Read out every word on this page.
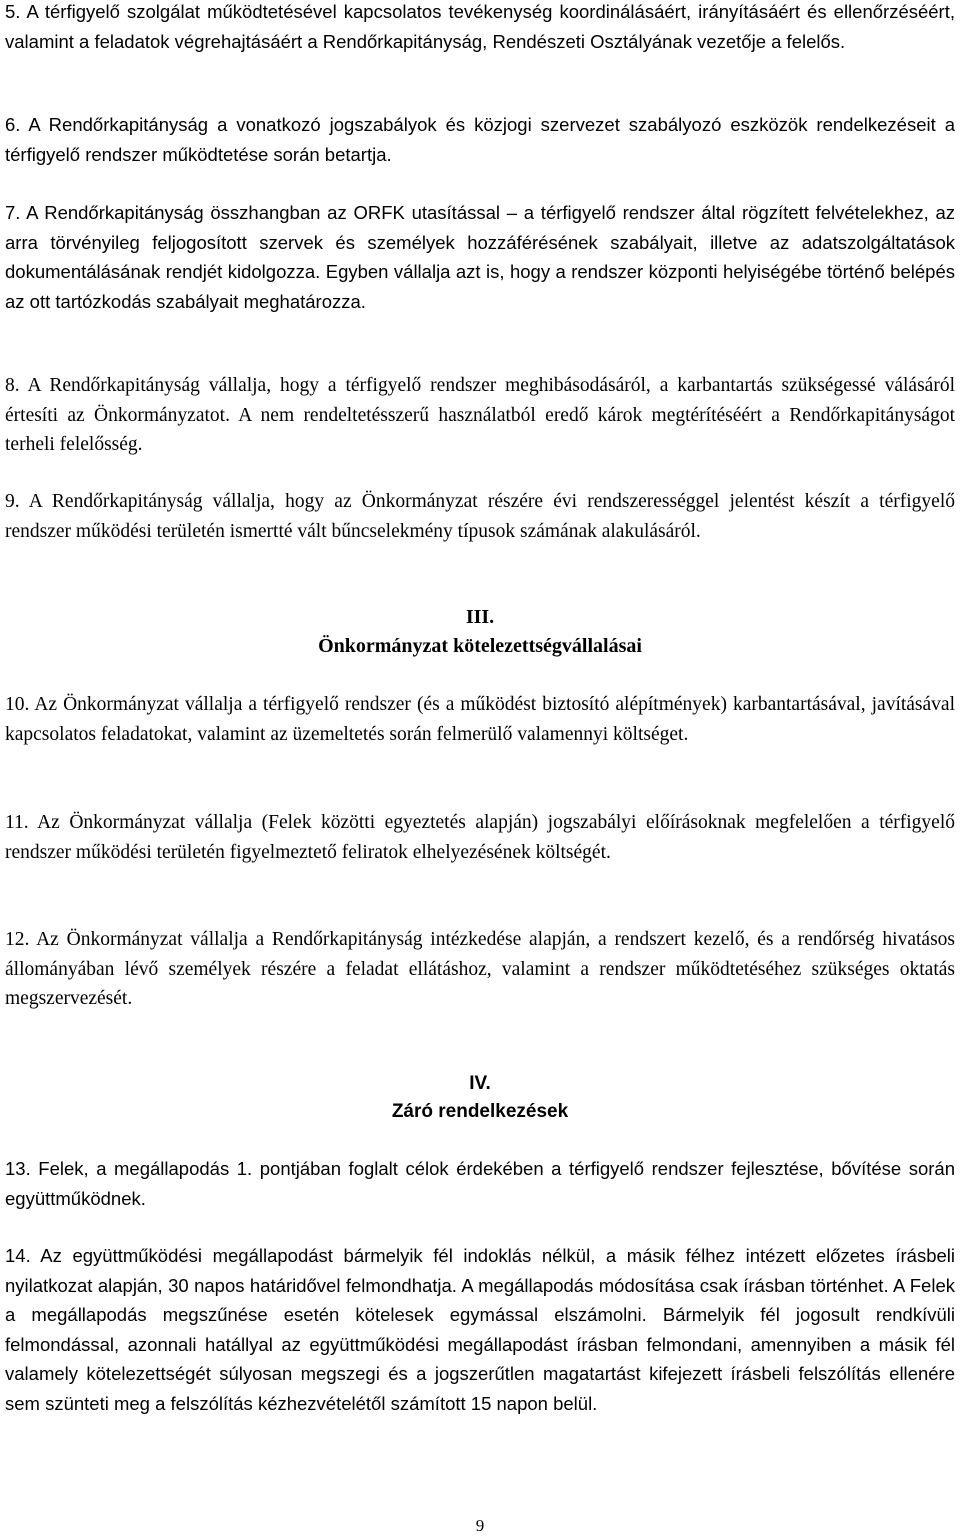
5. A térfigyelő szolgálat működtetésével kapcsolatos tevékenység koordinálásáért, irányításáért és ellenőrzéséért, valamint a feladatok végrehajtásáért a Rendőrkapitányság, Rendészeti Osztályának vezetője a felelős.

6. A Rendőrkapitányság a vonatkozó jogszabályok és közjogi szervezet szabályozó eszközök rendelkezéseit a térfigyelő rendszer működtetése során betartja.

7. A Rendőrkapitányság összhangban az ORFK utasítással – a térfigyelő rendszer által rögzített felvételekhez, az arra törvényileg feljogosított szervek és személyek hozzáférésének szabályait, illetve az adatszolgáltatások dokumentálásának rendjét kidolgozza. Egyben vállalja azt is, hogy a rendszer központi helyiségébe történő belépés az ott tartózkodás szabályait meghatározza.

8. A Rendőrkapitányság vállalja, hogy a térfigyelő rendszer meghibásodásáról, a karbantartás szükségessé válásáról értesíti az Önkormányzatot. A nem rendeltetésszerű használatból eredő károk megtérítéséért a Rendőrkapitányságot terheli felelősség.

9. A Rendőrkapitányság vállalja, hogy az Önkormányzat részére évi rendszerességgel jelentést készít a térfigyelő rendszer működési területén ismertté vált bűncselekmény típusok számának alakulásáról.

III.
Önkormányzat kötelezettségvállalásai

10. Az Önkormányzat vállalja a térfigyelő rendszer (és a működést biztosító alépítmények) karbantartásával, javításával kapcsolatos feladatokat, valamint az üzemeltetés során felmerülő valamennyi költséget.

11. Az Önkormányzat vállalja (Felek közötti egyeztetés alapján) jogszabályi előírásoknak megfelelően a térfigyelő rendszer működési területén figyelmeztető feliratok elhelyezésének költségét.

12. Az Önkormányzat vállalja a Rendőrkapitányság intézkedése alapján, a rendszert kezelő, és a rendőrség hivatásos állományában lévő személyek részére a feladat ellátáshoz, valamint a rendszer működtetéséhez szükséges oktatás megszervezését.

IV.
Záró rendelkezések

13. Felek, a megállapodás 1. pontjában foglalt célok érdekében a térfigyelő rendszer fejlesztése, bővítése során együttműködnek.

14. Az együttműködési megállapodást bármelyik fél indoklás nélkül, a másik félhez intézett előzetes írásbeli nyilatkozat alapján, 30 napos határidővel felmondhatja. A megállapodás módosítása csak írásban történhet. A Felek a megállapodás megszűnése esetén kötelesek egymással elszámolni. Bármelyik fél jogosult rendkívüli felmondással, azonnali hatállyal az együttműködési megállapodást írásban felmondani, amennyiben a másik fél valamely kötelezettségét súlyosan megszegi és a jogszerűtlen magatartást kifejezett írásbeli felszólítás ellenére sem szünteti meg a felszólítás kézhezvételétől számított 15 napon belül.

9
